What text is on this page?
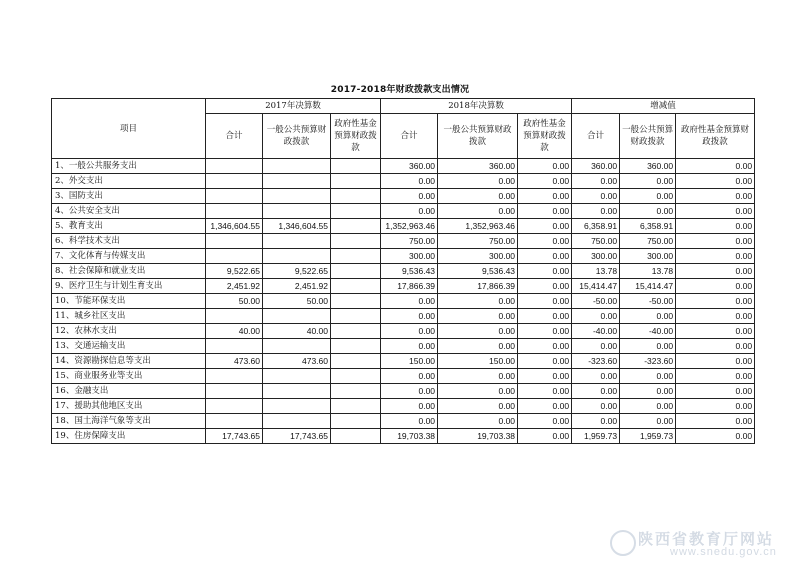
2017-2018年财政拨款支出情况
项目	2017年决算数			2018年决算数			增减值		
	合计	一般公共预算财政拨款	政府性基金预算财政拨款	合计	一般公共预算财政拨款	政府性基金预算财政拨款	合计	一般公共预算财政拨款	政府性基金预算财政拨款
1、一般公共服务支出				360.00	360.00	0.00	360.00	360.00	0.00
2、外交支出				0.00	0.00	0.00	0.00	0.00	0.00
3、国防支出				0.00	0.00	0.00	0.00	0.00	0.00
4、公共安全支出				0.00	0.00	0.00	0.00	0.00	0.00
5、教育支出	1,346,604.55	1,346,604.55		1,352,963.46	1,352,963.46	0.00	6,358.91	6,358.91	0.00
6、科学技术支出				750.00	750.00	0.00	750.00	750.00	0.00
7、文化体育与传媒支出				300.00	300.00	0.00	300.00	300.00	0.00
8、社会保障和就业支出	9,522.65	9,522.65		9,536.43	9,536.43	0.00	13.78	13.78	0.00
9、医疗卫生与计划生育支出	2,451.92	2,451.92		17,866.39	17,866.39	0.00	15,414.47	15,414.47	0.00
10、节能环保支出	50.00	50.00		0.00	0.00	0.00	-50.00	-50.00	0.00
11、城乡社区支出				0.00	0.00	0.00	0.00	0.00	0.00
12、农林水支出	40.00	40.00		0.00	0.00	0.00	-40.00	-40.00	0.00
13、交通运输支出				0.00	0.00	0.00	0.00	0.00	0.00
14、资源勘探信息等支出	473.60	473.60		150.00	150.00	0.00	-323.60	-323.60	0.00
15、商业服务业等支出				0.00	0.00	0.00	0.00	0.00	0.00
16、金融支出				0.00	0.00	0.00	0.00	0.00	0.00
17、援助其他地区支出				0.00	0.00	0.00	0.00	0.00	0.00
18、国土海洋气象等支出				0.00	0.00	0.00	0.00	0.00	0.00
19、住房保障支出	17,743.65	17,743.65		19,703.38	19,703.38	0.00	1,959.73	1,959.73	0.00
陕西省教育厅网站
www.snedu.gov.cn
